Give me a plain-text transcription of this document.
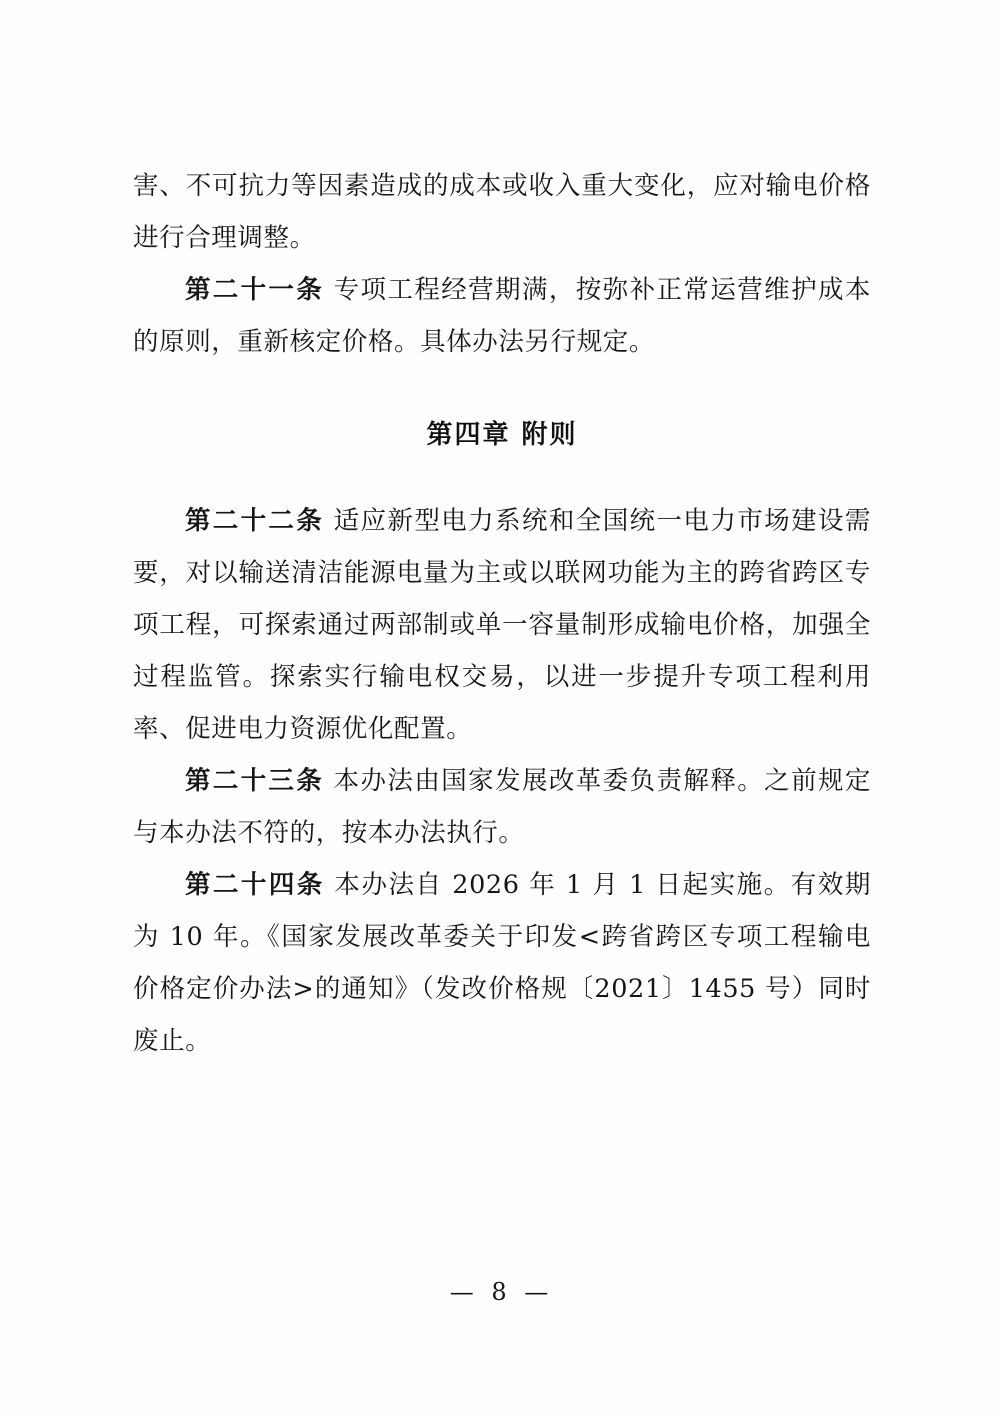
害、不可抗力等因素造成的成本或收入重大变化，应对输电价格进行合理调整。

第二十一条 专项工程经营期满，按弥补正常运营维护成本的原则，重新核定价格。具体办法另行规定。

第四章 附则

第二十二条 适应新型电力系统和全国统一电力市场建设需要，对以输送清洁能源电量为主或以联网功能为主的跨省跨区专项工程，可探索通过两部制或单一容量制形成输电价格，加强全过程监管。探索实行输电权交易，以进一步提升专项工程利用率、促进电力资源优化配置。

第二十三条 本办法由国家发展改革委负责解释。之前规定与本办法不符的，按本办法执行。

第二十四条 本办法自 2026 年 1 月 1 日起实施。有效期为 10 年。《国家发展改革委关于印发<跨省跨区专项工程输电价格定价办法>的通知》（发改价格规〔2021〕1455 号）同时废止。

— 8 —
